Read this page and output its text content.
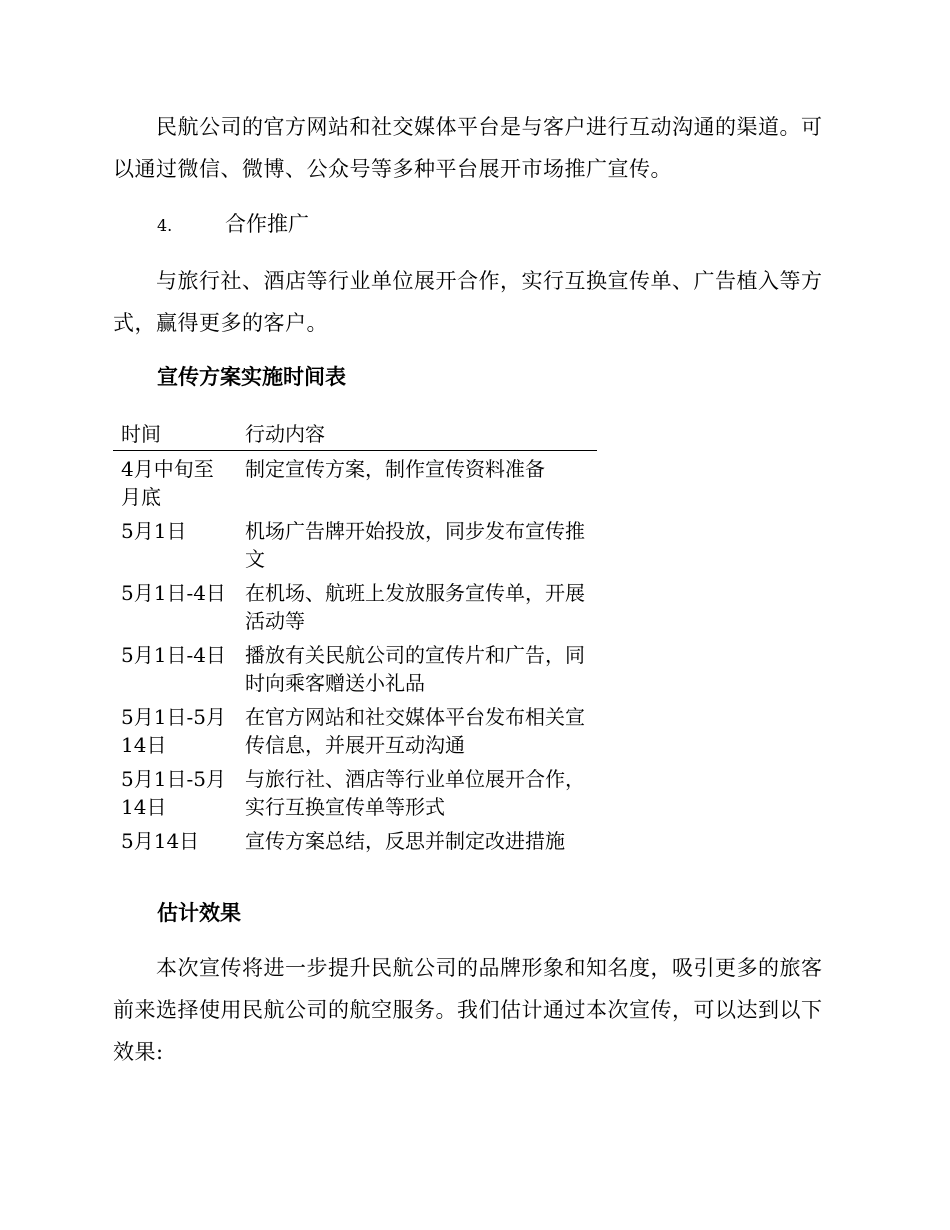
民航公司的官方网站和社交媒体平台是与客户进行互动沟通的渠道。可以通过微信、微博、公众号等多种平台展开市场推广宣传。

4.	合作推广

与旅行社、酒店等行业单位展开合作，实行互换宣传单、广告植入等方式，赢得更多的客户。

宣传方案实施时间表
时间	行动内容
4月中旬至月底	制定宣传方案，制作宣传资料准备
5月1日	机场广告牌开始投放，同步发布宣传推文
5月1日-4日	在机场、航班上发放服务宣传单，开展活动等
5月1日-4日	播放有关民航公司的宣传片和广告，同时向乘客赠送小礼品
5月1日-5月14日	在官方网站和社交媒体平台发布相关宣传信息，并展开互动沟通
5月1日-5月14日	与旅行社、酒店等行业单位展开合作，实行互换宣传单等形式
5月14日	宣传方案总结，反思并制定改进措施
估计效果

本次宣传将进一步提升民航公司的品牌形象和知名度，吸引更多的旅客前来选择使用民航公司的航空服务。我们估计通过本次宣传，可以达到以下效果:
